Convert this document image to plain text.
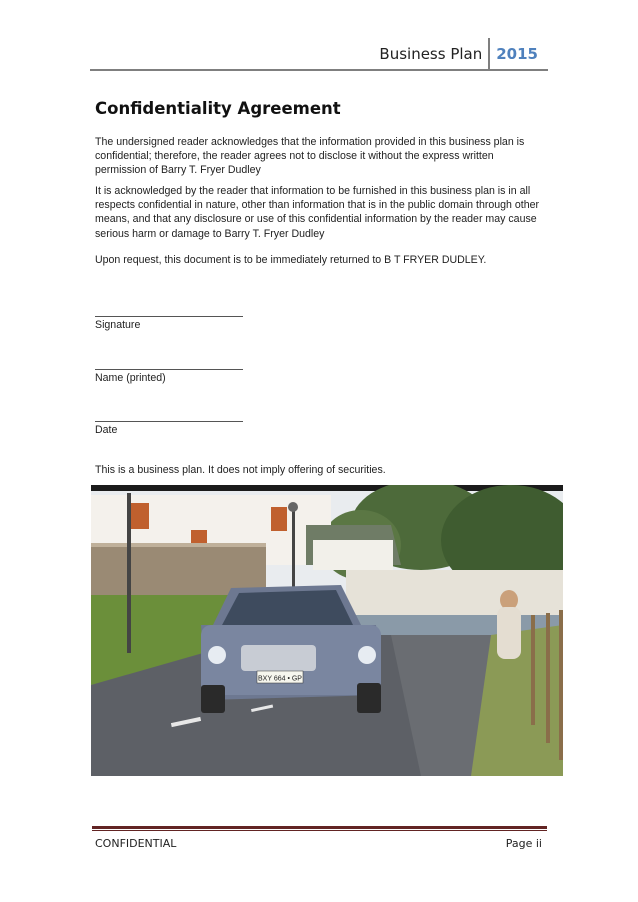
Business Plan 2015
Confidentiality Agreement

The undersigned reader acknowledges that the information provided in this business plan is confidential; therefore, the reader agrees not to disclose it without the express written permission of Barry T. Fryer Dudley

It is acknowledged by the reader that information to be furnished in this business plan is in all respects confidential in nature, other than information that is in the public domain through other means, and that any disclosure or use of this confidential information by the reader may cause serious harm or damage to Barry T. Fryer Dudley

Upon request, this document is to be immediately returned to B T FRYER DUDLEY.

Signature

Name (printed)

Date

This is a business plan. It does not imply offering of securities.

BXY 664 • GP
CONFIDENTIAL	Page ii
